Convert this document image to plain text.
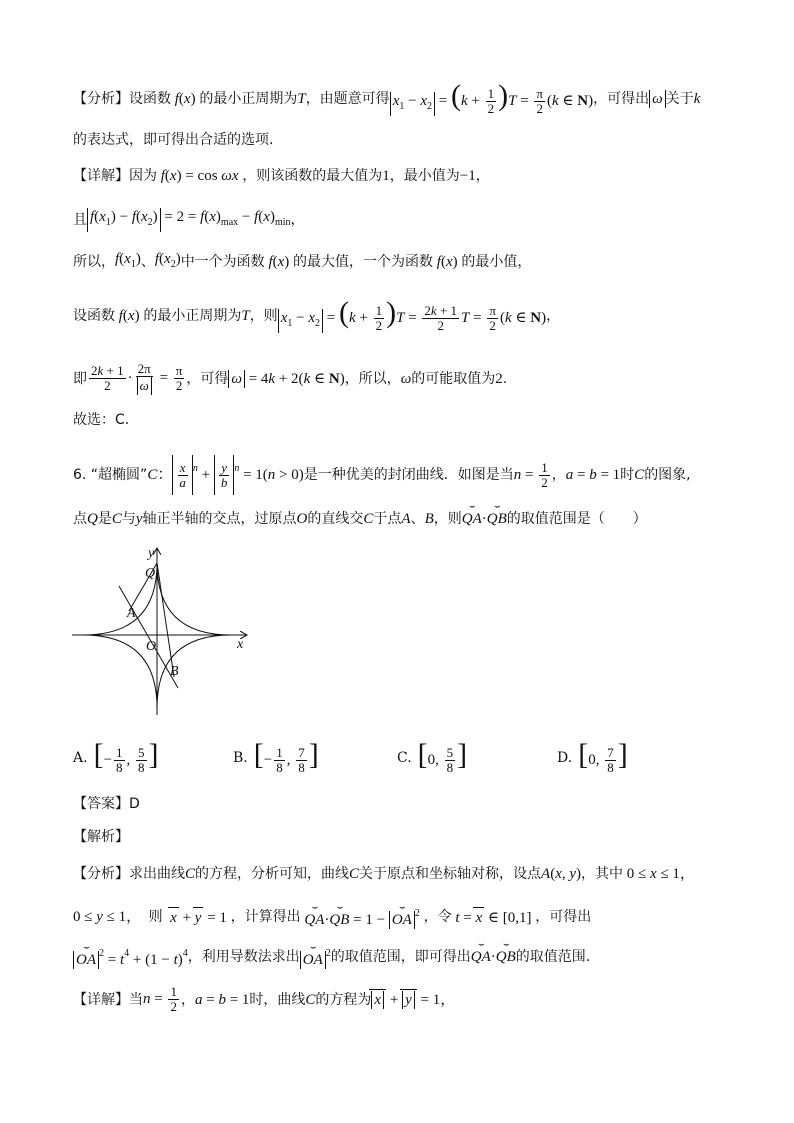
【分析】 设函数 f(x) 的最小正周期为 T ，由题意可得 $x_1 - x_2 = (k + \frac{1}{2} )T = \frac{\pi}{2} (k$ ∈ N) ，可得出 ω 关于 k
的表达式，即可得出合适的选项.
【详解】 因为 f(x) = cos ωx ，则该函数的最大值为 1 ，最小值为 −1 ，
且 $f(x_1) - f(x_2) = 2 = f(x)_{max} - f(x)_{min}$ ，
所以， $f(x_1)$ 、 $f(x_2)$ 中一个为函数 f(x) 的最大值，一个为函数 f(x) 的最小值，
设函数 f(x) 的最小正周期为 T ，则 $x_1 - x_2 = (k + \frac{1}{2} )T = \frac{2k + 1}{2}$ $T = \frac{\pi}{2} (k$ ∈ N) ，
即 $\frac{2k + 1}{2} \cdot \frac{2\pi}{\omega} = \frac{\pi}{2}$ ，可得 ω = 4k + 2(k ∈ N) ，所以， ω 的可能取值为 2 .
故选：C.
6. “超椭圆” C： $\frac{x}{a} ^n + \frac{y}{b} ^n = 1(n > 0)$ 是一种优美的封闭曲线．如图是当 $n = \frac{1}{2}$ ， a = b = 1 时 C 的图象,
点 Q 是 C 与 y 轴正半轴的交点，过原点 O 的直线交 C 于点 A 、 B ，则 ⌣ QA·⌣ QB 的取值范围是（　　）
y
x
Q
A
O
B
A. [− $\frac{1}{8}$ , $\frac{5}{8}$ ]	B. [− $\frac{1}{8}$ , $\frac{7}{8}$ ]	C. [0, $\frac{5}{8}$ ]	D. [0, $\frac{7}{8}$ ]
【答案】 D
【解析】
【分析】 求出曲线 C 的方程，分析可知，曲线 C 关于原点和坐标轴对称，设点 A(x, y) ，其中 0 ≤ x ≤ 1，
0 ≤ y ≤ 1， 则 x + y = 1 ，计算得出 ⌣ QA·⌣ QB = 1 − ⌣ OA $^2$ ，令 t = x ∈ [0,1] ，可得出
⌣ OA $^2 = t^4 + (1 - t)^4$ ，利用导数法求出 ⌣ OA $^2$ 的取值范围，即可得出 ⌣ QA·⌣ QB 的取值范围.
【详解】 当 $n = \frac{1}{2}$ ， a = b = 1 时，曲线 C 的方程为 x + y = 1，
